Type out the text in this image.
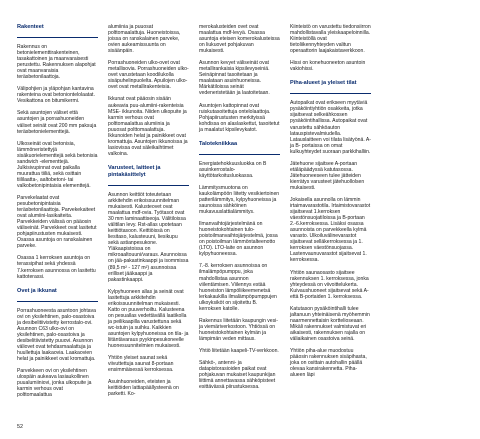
Rakenteet
Rakennus on betonielementtirakenteinen, tasakattoinen ja maanvaraisesti perustettu. Rakennuksen alapohjat ovat maanvaraisia teräsbetonilaattoja.
Välipohjien ja yläpohjan kantavina rakenteina ovat betoniontelolaatat. Vesikattona on bitumikermi.
Sekä asuntojen väliset että asuntojen ja porrashuoneiden väliset seinät ovat 200 mm paksuja teräsbetonielementtejä.
Ulkoseinät ovat betonisia, lämmöneristettyjä sisäkuorielementtejä sekä betonisia sandwich -elementtejä. Julkisivupinnat ovat paikalla muurattua tiiliä, sekä osittain tiililaatta-, aaltobetoni- tai valkobetonipintaisia elementtejä.
Parvekelaatat ovat pesubetonipintaisia teräsbetonilaattoja. Parvekekaiteet ovat alumiini-lasikaiteita. Parvekkeiden välissä on pääosin väliseinät. Parvekkeet ovat lasitetut pohjapiirustusten mukaisesti. Osassa asuntoja on ranskalainen parveke.
Osassa 1 kerroksen asuntoja on terassipihat sekä yhdessä 7.kerroksen asunnossa on lasitettu kattoterassi.
Ovet ja ikkunat
Porrashuoneesta asuntoon johtava ovi on yksilehtinen, palo-osastoiva ja desibelitiivistetty kerrostalo-ovi. Asunnon C63 ulko-ovi on yksilehtinen, palo-osastoiva ja desibelitiivistetty puuovi. Asunnon väliovet ovat tehdasmaalattuja ja huullettuja laakaovia. Laakaovien helat ja painikkeet ovat kromattuja.
Parvekkeen ovi on yksilehtinen ulospäin aukeava lasiaukollinen puualumiiniovi, jonka ulkopuite ja karmin verhous ovat polttomaalattua
alumiinia ja puuosat polttomaalattuja. Huoneistoissa, joissa on ranskalainen parveke, ovien aukeamissuunta on sisäänpäin.
Porrashuoneiden ulko-ovet ovat metallisovia. Porrashuoneiden ulko-ovet varustetaan koodilukolla sisäpuhelinpuolelta. Apuilojen ulko-ovet ovat metallirakenteisia.
Ikkunat ovat pääosin sisään aukeavia puu-alumiini-rakenteisia MSE- ikkunoita. Niiden ulkopuite ja karmin verhous ovat polttomaalattua alumiinia ja puuosat polttomaalattuja. Ikkunoiden helat ja painikkeet ovat kromattuja. Asuntojen ikkunoissa ja lasiovissa ovat säleikaihtimet valkoina.
Varusteet, laitteet ja pintakäsittelyt
Asunnon keittiöt toteutetaan arkkitehdin erikoissuunnitelman mukaisesti. Kalusteovet ovat maalattua mdf-ovia. Työtasot ovat 30 mm laminaattiseoja. Välitiloissa välitilan levy. Rst-allas upotetaan keittiötasoon. Keittiöissä on liesitaso, kalusteuuni, liesikupu sekä astianpesukone. Yläkaapistoissa on mikroaaltouuni/varaus. Asunnoissa on jää-pakastinkaappi ja isommissa (89,5 m² - 127 m²) asunnoissa erilliset jääkaappi ja pakastinkaappi.
Kylpyhuoneen allas ja seinät ovat lasitettuja arkkitehdin erikoissuunnitelman mukaisesti. Katto on puuverhoiltu. Kalusteena on pesuallas vedettävällä laatikolla ja peilikaapilla varustettuna sekä wc-istuin ja suihku. Kaikkien asuntojen kylpyhuoneissa on tila- ja liitäntävaraus pyykinpesukoneelle huonesuunnitelmien mukaisesti.
Yhtiön yleiset saunat sekä viivuttettuja saunat 8-portaan ensimmäisessä kerroksessa.
Asuinhuoneiden, eteisten ja keittiöiden lattiapäällysteenä on parketti. Ko-
merokalusteiden ovet ovat maalattua mdf-levyä. Osassa asuntoja eteisen komerokalusteissa on liukuovet pohjakuvan mukaisesti.
Asunnon kevyet väliseinät ovat metallirankaisia kipsilevyseiniä. Seinäpinnat tasoitetaan ja maalataan asuinhuoneissa. Märkätiloissa seinät vedeneristetään ja laatoitetaan.
Asuntojen kattopinnat ovat ruiskutasoitettuja ontelolaattoja. Pohjapiirustusten merkityissä kohdissa on alaslaskettut, tasoitetut ja maalatut kipsilevykatot.
Talotekniikkaa
Energiatehokkuusluokka on B asuinkerrostalo-käyttötarkoitusluokassa.
Lämmitysmuotona on kaukolämpöön liitetty vesikiertoinen patterilämmitys, kylpyhuoneissa ja saunoissa sähköinen mukavuuslattialämmitys.
Ilmanvaihtojärjestelmänä on huoneistokohtainen tulo-poistoilmanvaihtojärjestelmä, jossa on poistoilman lämmöntalteenotto (LTO). LTO-laite on asunnon kylpyhuoneessa.
7.-8. kerroksen asunnoissa on ilmalämpöpumppu, joka mahdollistaa asunnon viilentämisen. Viilennys estää huoneiston lämpöliikeemenetsä lerkakaukilla ilmalämpöpumppujen ulkoyksiköt on sijoitettu B. kerroksen katolle.
Rakennus liitetään kaupungin vesi- ja viemäriverkostoon. Yhtiössä on huoneistokohtainen kylmän ja lämpimän veden mittaus.
Yhtiö liitetään kaapeli-TV-verkkoon.
Sähkö-, antenni- ja datapistorasioiden paikat ovat pohjakuvan mukaiset kaupunkijan liittimä annettavassa sähköpisteet esittävässä piirustuksessa.
Kiinteistö on varustettu tiedonsiirron mahdollistavalla yleiskaapeloinnilla. Kiinteistöllä ovat tietoliikennyhteyden valitun operaattorin laajakaistaverkkoon.
Hissi on konehuoneeton asuntoin vakiohissi.
Piha-alueet ja yleiset tilat
Autopaikat ovat erikseen myytäviä pysäköintiyhtiön osakkeita, jotka sijaitsevat selkeähkossen pysäköintihallissa. Autopaikat ovat varustettu sähköauton latauspistevalmiudella. Latauslaitteen voi tilata lisätyönä. A- ja B- portaissa on omat kulkuyhteydet suoraan parkkihalliin.
Jätehuone sijaitsee A-portaan etäläpäädyssä katutasossa. Jätehuoneeseen tulee jätteiden kierrätys varusteet jätehuollolsen mukaisesti.
Jokaisella asunnolla on lämmin irtaimavarastotila. Irtaimistovarastot sijaitsevat 1.kerroksen väestönsuojatiloissa ja B-portaan 2.-6.kerroksessa. Lisäksi osassa asunnoista on parvekkeella kylmä varasto. Ulkoiluvälinevarastot sijaitsevat selläkerroksessa ja 1. kerroksen väestönsuojassa. Lastenvaunuvarastot sijaitsevat 1. kerroksessa.
Yhtiön saunaosasto sijaitsee rakennuksen 1. kerroksessa, jonka yhteydessä on viivoittelukerta. Kuivaushuoneet sijaitsevat sekä A- että B-portaiden 1. kerroksessa.
Katutason pysäköintihalli tulee jaltanuun yhteinäisenä myöhemmin naarmennettaisin korttelioseaan. Mikäli rakennukset valmistuvat eri aikaisesti, rakennuksen rajalla on väliaikainen osastoiva seinä.
Yhtiön piha-alue muodostuu pääosin rakennuksen sisäpihasta, joka on osittain autohallin päällä olevaa kansirakennetta. Piha-alueen läpi
52
